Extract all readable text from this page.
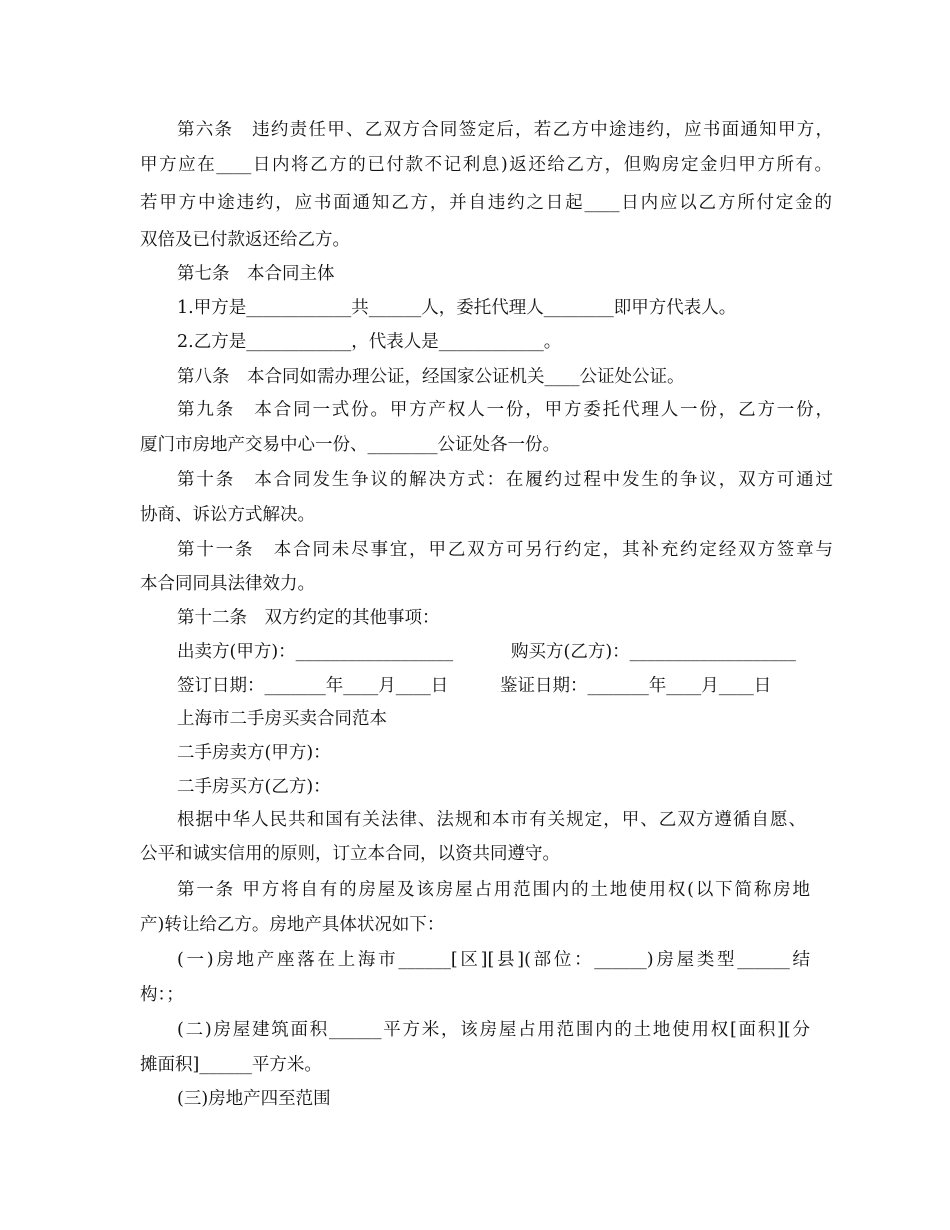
第六条　违约责任甲、乙双方合同签定后，若乙方中途违约，应书面通知甲方，
甲方应在____日内将乙方的已付款不记利息)返还给乙方，但购房定金归甲方所有。
若甲方中途违约，应书面通知乙方，并自违约之日起____日内应以乙方所付定金的
双倍及已付款返还给乙方。
第七条　本合同主体
1.甲方是____________共______人，委托代理人________即甲方代表人。
2.乙方是____________，代表人是____________。
第八条　本合同如需办理公证，经国家公证机关____公证处公证。
第九条　本合同一式份。甲方产权人一份，甲方委托代理人一份，乙方一份，
厦门市房地产交易中心一份、________公证处各一份。
第十条　本合同发生争议的解决方式：在履约过程中发生的争议，双方可通过
协商、诉讼方式解决。
第十一条　本合同未尽事宜，甲乙双方可另行约定，其补充约定经双方签章与
本合同同具法律效力。
第十二条　双方约定的其他事项：
出卖方(甲方)：__________________	购买方(乙方)：___________________
签订日期：_______年____月____日	鉴证日期：_______年____月____日
上海市二手房买卖合同范本
二手房卖方(甲方)：
二手房买方(乙方)：
根据中华人民共和国有关法律、法规和本市有关规定，甲、乙双方遵循自愿、
公平和诚实信用的原则，订立本合同，以资共同遵守。
第一条 甲方将自有的房屋及该房屋占用范围内的土地使用权(以下简称房地
产)转让给乙方。房地产具体状况如下：
(一)房地产座落在上海市______[区][县](部位：______)房屋类型______结
构：；
(二)房屋建筑面积______平方米，该房屋占用范围内的土地使用权[面积][分
摊面积]______平方米。
(三)房地产四至范围
